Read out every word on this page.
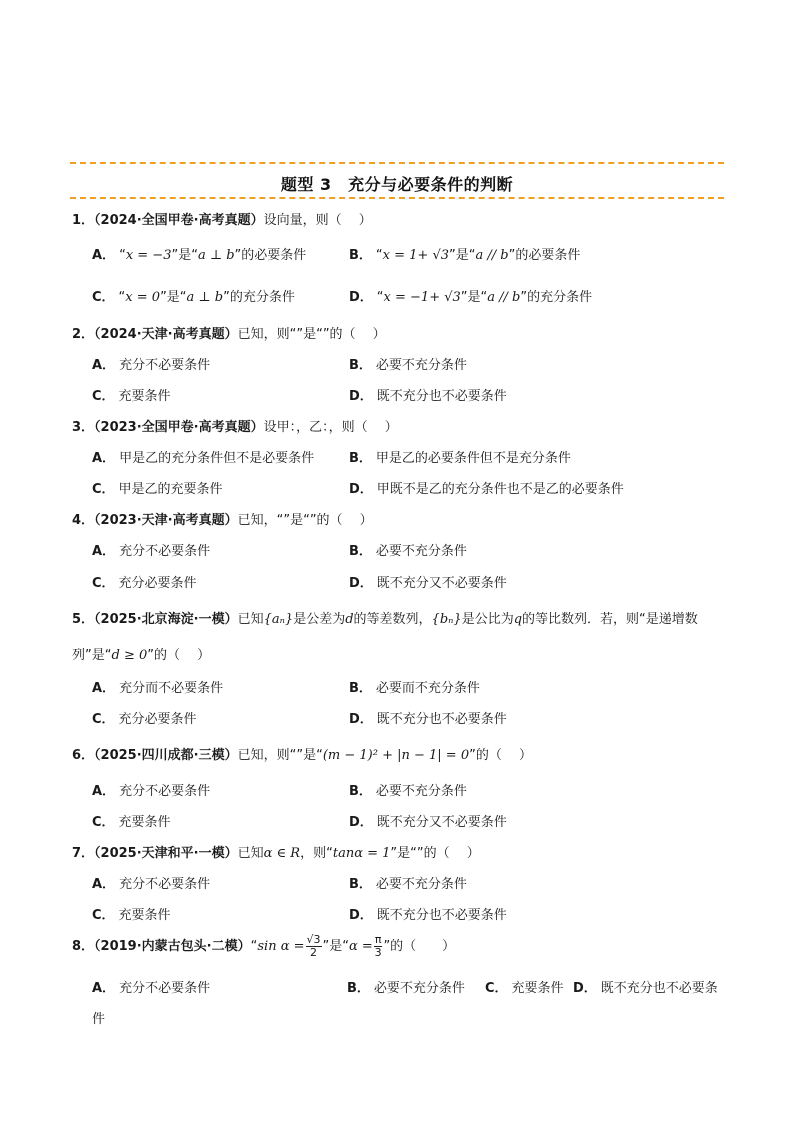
题型 3　充分与必要条件的判断
1．（2024·全国甲卷·高考真题）设向量，则（　 ）
A． “x = −3”是“a ⊥ b”的必要条件	B． “x = 1+ √3”是“a // b”的必要条件
C． “x = 0”是“a ⊥ b”的充分条件	D． “x = −1+ √3”是“a // b”的充分条件
2．（2024·天津·高考真题）已知，则“”是“”的（　 ）
A． 充分不必要条件	B． 必要不充分条件
C． 充要条件	D． 既不充分也不必要条件
3．（2023·全国甲卷·高考真题）设甲：，乙：，则（　 ）
A． 甲是乙的充分条件但不是必要条件	B． 甲是乙的必要条件但不是充分条件
C． 甲是乙的充要条件	D． 甲既不是乙的充分条件也不是乙的必要条件
4．（2023·天津·高考真题）已知，“”是“”的（　 ）
A． 充分不必要条件	B． 必要不充分条件
C． 充分必要条件	D． 既不充分又不必要条件
5．（2025·北京海淀·一模）已知{aₙ}是公差为d的等差数列，{bₙ}是公比为q的等比数列．若，则“是递增数
列”是“d ≥ 0”的（　 ）
A． 充分而不必要条件	B． 必要而不充分条件
C． 充分必要条件	D． 既不充分也不必要条件
6．（2025·四川成都·三模）已知，则“”是“(m − 1)² + |n − 1| = 0”的（　 ）
A． 充分不必要条件	B． 必要不充分条件
C． 充要条件	D． 既不充分又不必要条件
7．（2025·天津和平·一模）已知α ∈ R，则“tanα = 1”是“”的（　 ）
A． 充分不必要条件	B． 必要不充分条件
C． 充要条件	D． 既不充分也不必要条件
8．（2019·内蒙古包头·二模）“sin $\alpha = \frac{√3}{2}$ ”是“$\alpha = \frac{\pi}{3}$ ”的（　　）
A． 充分不必要条件	B． 必要不充分条件 C． 充要条件 D． 既不充分也不必要条
件
